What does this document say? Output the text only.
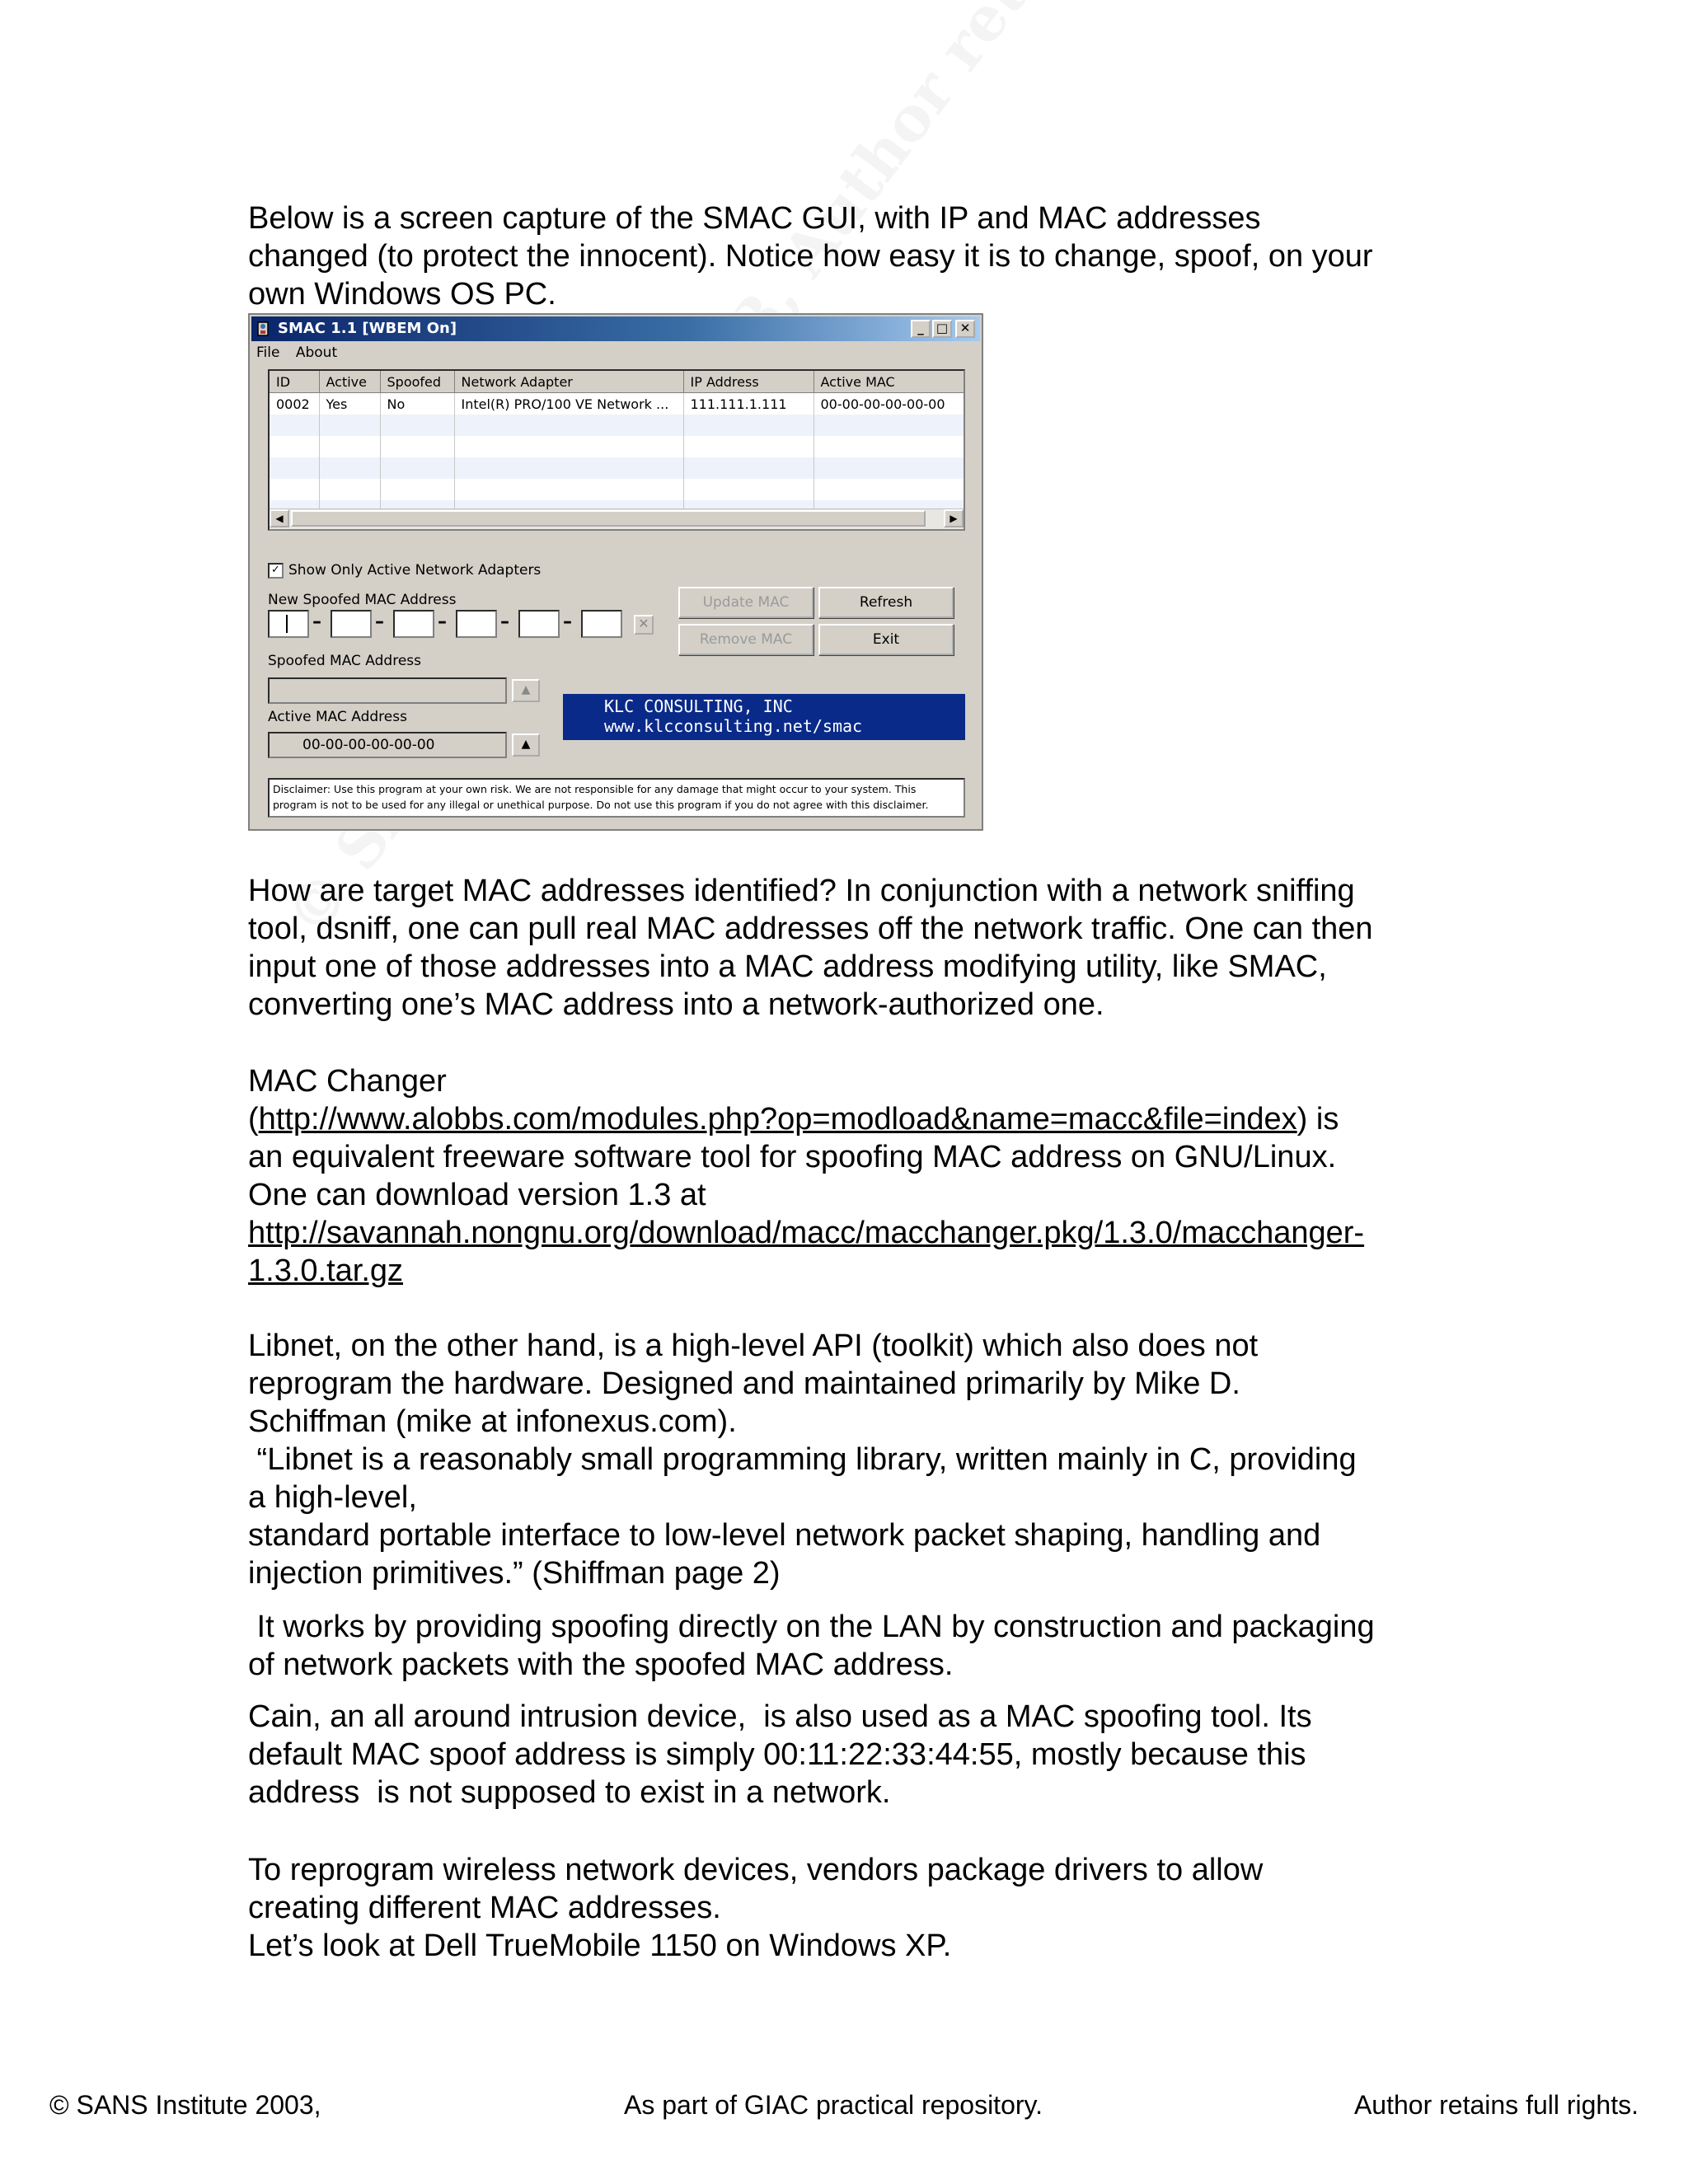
Below is a screen capture of the SMAC GUI, with IP and MAC addresses
changed (to protect the innocent). Notice how easy it is to change, spoof, on your
own Windows OS PC.

SMAC 1.1 [WBEM On]	_	□ ✕
File About
ID	Active	Spoofed	Network Adapter	IP Address	Active MAC
0002	Yes	No	Intel(R) PRO/100 VE Network ...	111.111.1.111	00-00-00-00-00-00

◀	▶
✓ Show Only Active Network Adapters
New Spoofed MAC Address
–	–	–	–	–	✕
Update MAC	Refresh
Remove MAC	Exit
Spoofed MAC Address
▲
KLC CONSULTING, INC
www.klcconsulting.net/smac
Active MAC Address
00-00-00-00-00-00	▲
Disclaimer: Use this program at your own risk. We are not responsible for any damage that might occur to your system. This
program is not to be used for any illegal or unethical purpose. Do not use this program if you do not agree with this disclaimer.

How are target MAC addresses identified? In conjunction with a network sniffing
tool, dsniff, one can pull real MAC addresses off the network traffic. One can then
input one of those addresses into a MAC address modifying utility, like SMAC,
converting one’s MAC address into a network-authorized one.

MAC Changer
(http://www.alobbs.com/modules.php?op=modload&name=macc&file=index) is
an equivalent freeware software tool for spoofing MAC address on GNU/Linux.
One can download version 1.3 at
http://savannah.nongnu.org/download/macc/macchanger.pkg/1.3.0/macchanger-
1.3.0.tar.gz

Libnet, on the other hand, is a high-level API (toolkit) which also does not
reprogram the hardware. Designed and maintained primarily by Mike D.
Schiffman (mike at infonexus.com).
“Libnet is a reasonably small programming library, written mainly in C, providing
a high-level,
standard portable interface to low-level network packet shaping, handling and
injection primitives.” (Shiffman page 2)

It works by providing spoofing directly on the LAN by construction and packaging
of network packets with the spoofed MAC address.

Cain, an all around intrusion device,  is also used as a MAC spoofing tool. Its
default MAC spoof address is simply 00:11:22:33:44:55, mostly because this
address  is not supposed to exist in a network.

To reprogram wireless network devices, vendors package drivers to allow
creating different MAC addresses.
Let’s look at Dell TrueMobile 1150 on Windows XP.

© SANS Institute 2003,	As part of GIAC practical repository.	Author retains full rights.
